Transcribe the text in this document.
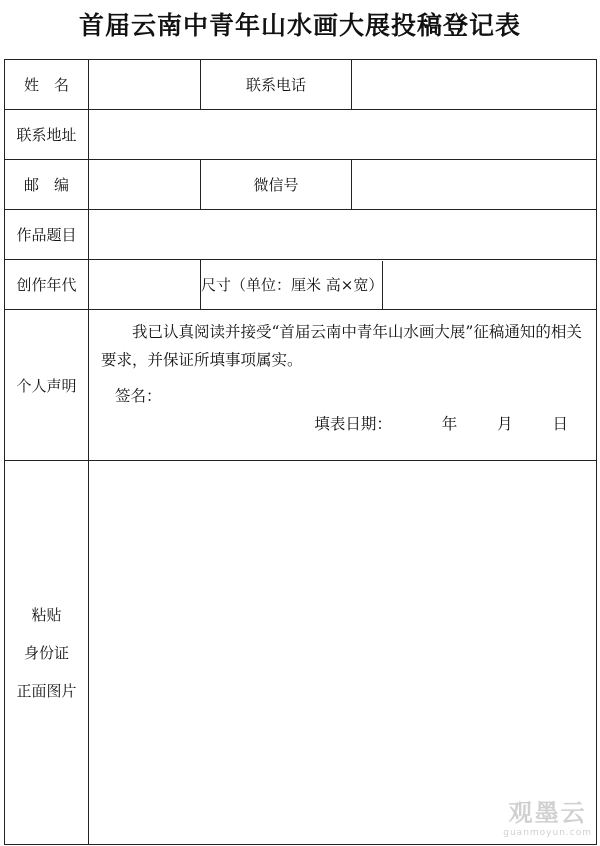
首届云南中青年山水画大展投稿登记表
姓　名		联系电话	
联系地址			
邮　编		微信号	
作品题目			
创作年代		尺寸（单位：厘米 高×宽）	

个人声明	我已认真阅读并接受“首届云南中青年山水画大展”征稿通知的相关要求，并保证所填事项属实。
签名：
填表日期： 年 月 日		

粘贴
身份证
正面图片			

观墨云
guanmoyun.com
